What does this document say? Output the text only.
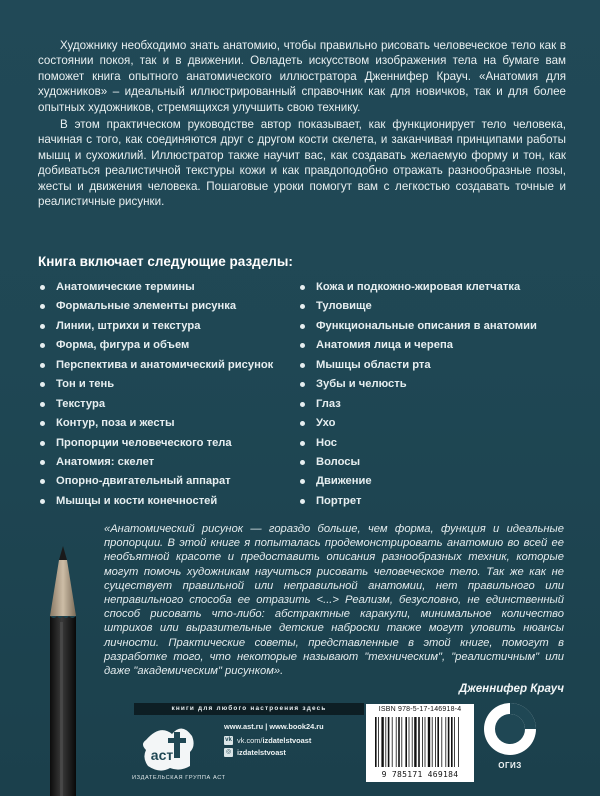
Художнику необходимо знать анатомию, чтобы правильно рисовать человеческое тело как в состоянии покоя, так и в движении. Овладеть искусством изображения тела на бумаге вам поможет книга опытного анатомического иллюстратора Дженнифер Крауч. «Анатомия для художников» – идеальный иллюстрированный справочник как для новичков, так и для более опытных художников, стремящихся улучшить свою технику.

В этом практическом руководстве автор показывает, как функционирует тело человека, начиная с того, как соединяются друг с другом кости скелета, и заканчивая принципами работы мышц и сухожилий. Иллюстратор также научит вас, как создавать желаемую форму и тон, как добиваться реалистичной текстуры кожи и как правдоподобно отражать разнообразные позы, жесты и движения человека. Пошаговые уроки помогут вам с легкостью создавать точные и реалистичные рисунки.

Книга включает следующие разделы:
Анатомические термины
Формальные элементы рисунка
Линии, штрихи и текстура
Форма, фигура и объем
Перспектива и анатомический рисунок
Тон и тень
Текстура
Контур, поза и жесты
Пропорции человеческого тела
Анатомия: скелет
Опорно-двигательный аппарат
Мышцы и кости конечностей
Кожа и подкожно-жировая клетчатка
Туловище
Функциональные описания в анатомии
Анатомия лица и черепа
Мышцы области рта
Зубы и челюсть
Глаз
Ухо
Нос
Волосы
Движение
Портрет
«Анатомический рисунок — гораздо больше, чем форма, функция и идеальные пропорции. В этой книге я попыталась продемонстрировать анатомию во всей ее необъятной красоте и предоставить описания разнообразных техник, которые могут помочь художникам научиться рисовать человеческое тело. Так же как не существует правильной или неправильной анатомии, нет правильного или неправильного способа ее отразить <...> Реализм, безусловно, не единственный способ рисовать что-либо: абстрактные каракули, минимальное количество штрихов или выразительные детские наброски также могут уловить нюансы личности. Практические советы, представленные в этой книге, помогут в разработке того, что некоторые называют "техническим", "реалистичным" или даже "академическим" рисунком».
Дженнифер Крауч
книги для любого настроения здесь
аст
ИЗДАТЕЛЬСКАЯ ГРУППА АСТ
www.ast.ru | www.book24.ru
vk vk.com/izdatelstvoast
◎ izdatelstvoast
ISBN 978-5-17-146918-4
9 785171 469184
ОГИЗ
